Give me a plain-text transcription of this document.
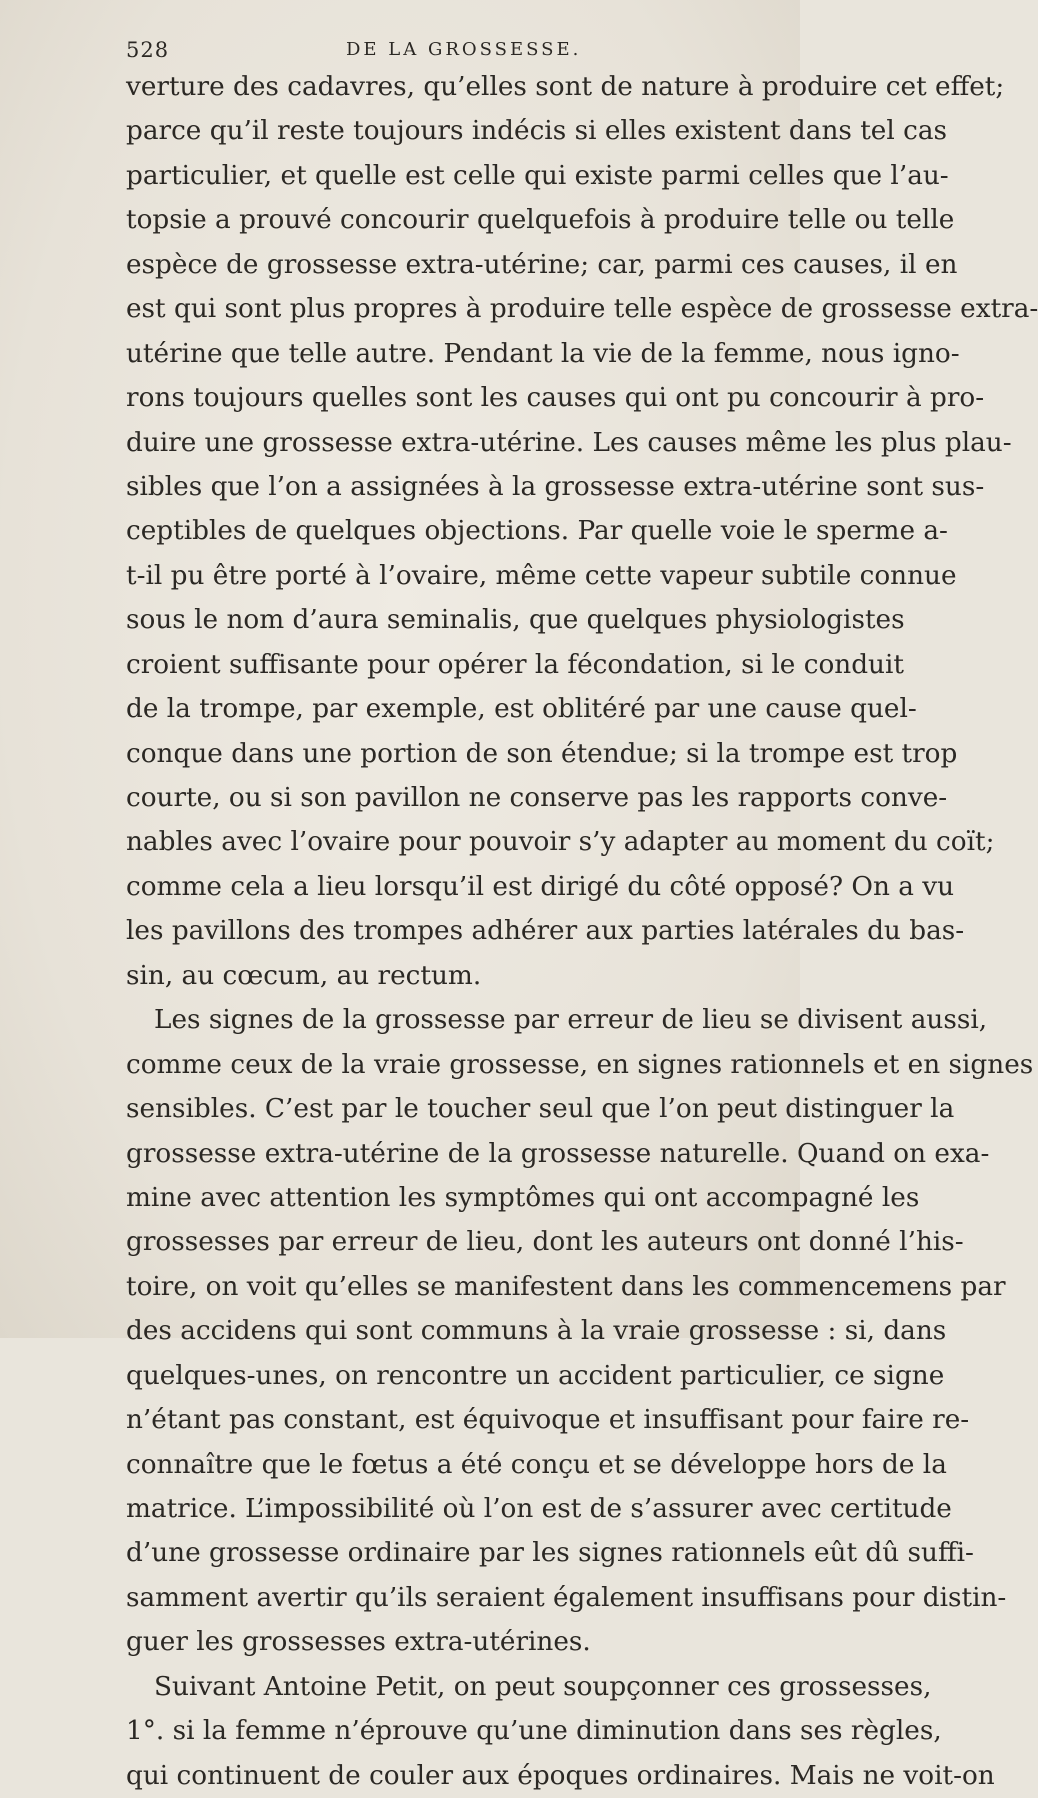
528	DE LA GROSSESSE.
verture des cadavres, qu’elles sont de nature à produire cet effet;
parce qu’il reste toujours indécis si elles existent dans tel cas
particulier, et quelle est celle qui existe parmi celles que l’au-
topsie a prouvé concourir quelquefois à produire telle ou telle
espèce de grossesse extra-utérine; car, parmi ces causes, il en
est qui sont plus propres à produire telle espèce de grossesse extra-
utérine que telle autre. Pendant la vie de la femme, nous igno-
rons toujours quelles sont les causes qui ont pu concourir à pro-
duire une grossesse extra-utérine. Les causes même les plus plau-
sibles que l’on a assignées à la grossesse extra-utérine sont sus-
ceptibles de quelques objections. Par quelle voie le sperme a-
t-il pu être porté à l’ovaire, même cette vapeur subtile connue
sous le nom d’aura seminalis, que quelques physiologistes
croient suffisante pour opérer la fécondation, si le conduit
de la trompe, par exemple, est oblitéré par une cause quel-
conque dans une portion de son étendue; si la trompe est trop
courte, ou si son pavillon ne conserve pas les rapports conve-
nables avec l’ovaire pour pouvoir s’y adapter au moment du coït;
comme cela a lieu lorsqu’il est dirigé du côté opposé? On a vu
les pavillons des trompes adhérer aux parties latérales du bas-
sin, au cœcum, au rectum.
Les signes de la grossesse par erreur de lieu se divisent aussi,
comme ceux de la vraie grossesse, en signes rationnels et en signes
sensibles. C’est par le toucher seul que l’on peut distinguer la
grossesse extra-utérine de la grossesse naturelle. Quand on exa-
mine avec attention les symptômes qui ont accompagné les
grossesses par erreur de lieu, dont les auteurs ont donné l’his-
toire, on voit qu’elles se manifestent dans les commencemens par
des accidens qui sont communs à la vraie grossesse : si, dans
quelques-unes, on rencontre un accident particulier, ce signe
n’étant pas constant, est équivoque et insuffisant pour faire re-
connaître que le fœtus a été conçu et se développe hors de la
matrice. L’impossibilité où l’on est de s’assurer avec certitude
d’une grossesse ordinaire par les signes rationnels eût dû suffi-
samment avertir qu’ils seraient également insuffisans pour distin-
guer les grossesses extra-utérines.
Suivant Antoine Petit, on peut soupçonner ces grossesses,
1°. si la femme n’éprouve qu’une diminution dans ses règles,
qui continuent de couler aux époques ordinaires. Mais ne voit-on
